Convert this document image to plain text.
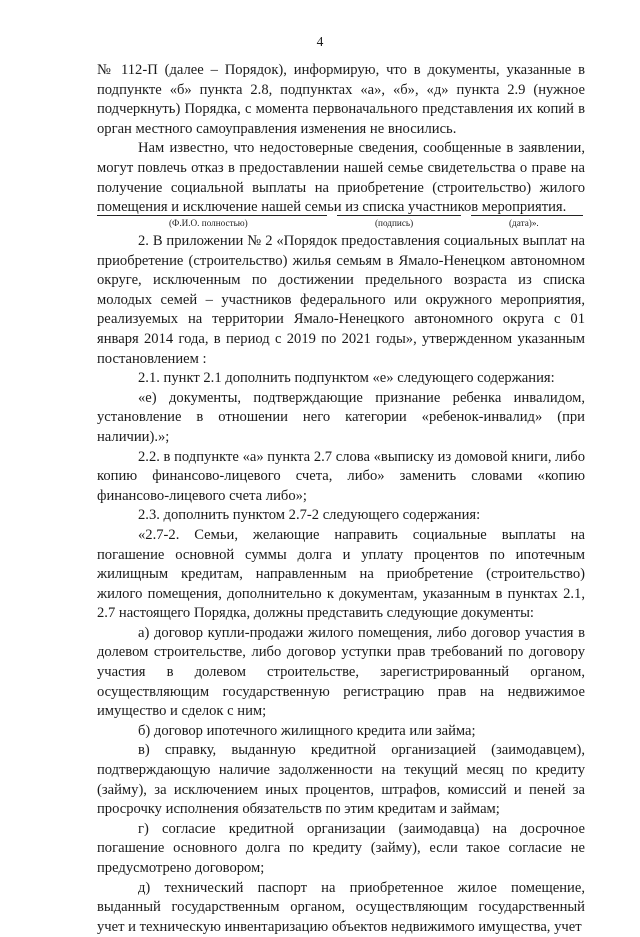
4

№ 112-П (далее – Порядок), информирую, что в документы, указанные в подпункте «б» пункта 2.8, подпунктах «а», «б», «д» пункта 2.9 (нужное подчеркнуть) Порядка, с момента первоначального представления их копий в орган местного самоуправления изменения не вносились.

Нам известно, что недостоверные сведения, сообщенные в заявлении, могут повлечь отказ в предоставлении нашей семье свидетельства о праве на получение социальной выплаты на приобретение (строительство) жилого помещения и исключение нашей семьи из списка участников мероприятия.

(Ф.И.О. полностью)	(подпись)	(дата)».

2. В приложении № 2 «Порядок предоставления социальных выплат на приобретение (строительство) жилья семьям в Ямало-Ненецком автономном округе, исключенным по достижении предельного возраста из списка молодых семей – участников федерального или окружного мероприятия, реализуемых на территории Ямало-Ненецкого автономного округа с 01 января 2014 года, в период с 2019 по 2021 годы», утвержденном указанным постановлением :

2.1. пункт 2.1 дополнить подпунктом «е» следующего содержания:

«е) документы, подтверждающие признание ребенка инвалидом, установление в отношении него категории «ребенок-инвалид» (при наличии).»;

2.2. в подпункте «а» пункта 2.7 слова «выписку из домовой книги, либо копию финансово-лицевого счета, либо» заменить словами «копию финансово-лицевого счета либо»;

2.3. дополнить пунктом 2.7-2 следующего содержания:

«2.7-2. Семьи, желающие направить социальные выплаты на погашение основной суммы долга и уплату процентов по ипотечным жилищным кредитам, направленным на приобретение (строительство) жилого помещения, дополнительно к документам, указанным в пунктах 2.1, 2.7 настоящего Порядка, должны представить следующие документы:

а) договор купли-продажи жилого помещения, либо договор участия в долевом строительстве, либо договор уступки прав требований по договору участия в долевом строительстве, зарегистрированный органом, осуществляющим государственную регистрацию прав на недвижимое имущество и сделок с ним;

б) договор ипотечного жилищного кредита или займа;

в) справку, выданную кредитной организацией (заимодавцем), подтверждающую наличие задолженности на текущий месяц по кредиту (займу), за исключением иных процентов, штрафов, комиссий и пеней за просрочку исполнения обязательств по этим кредитам и займам;

г) согласие кредитной организации (заимодавца) на досрочное погашение основного долга по кредиту (займу), если такое согласие не предусмотрено договором;

д) технический паспорт на приобретенное жилое помещение, выданный государственным органом, осуществляющим государственный учет и техническую инвентаризацию объектов недвижимого имущества, учет
